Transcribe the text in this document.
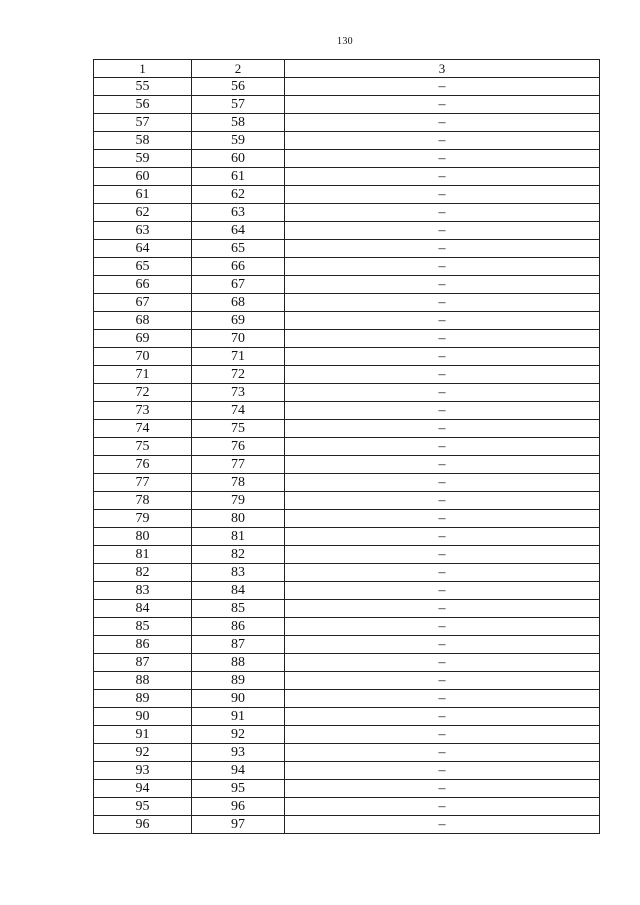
130
1	2	3
55	56	–
56	57	–
57	58	–
58	59	–
59	60	–
60	61	–
61	62	–
62	63	–
63	64	–
64	65	–
65	66	–
66	67	–
67	68	–
68	69	–
69	70	–
70	71	–
71	72	–
72	73	–
73	74	–
74	75	–
75	76	–
76	77	–
77	78	–
78	79	–
79	80	–
80	81	–
81	82	–
82	83	–
83	84	–
84	85	–
85	86	–
86	87	–
87	88	–
88	89	–
89	90	–
90	91	–
91	92	–
92	93	–
93	94	–
94	95	–
95	96	–
96	97	–
